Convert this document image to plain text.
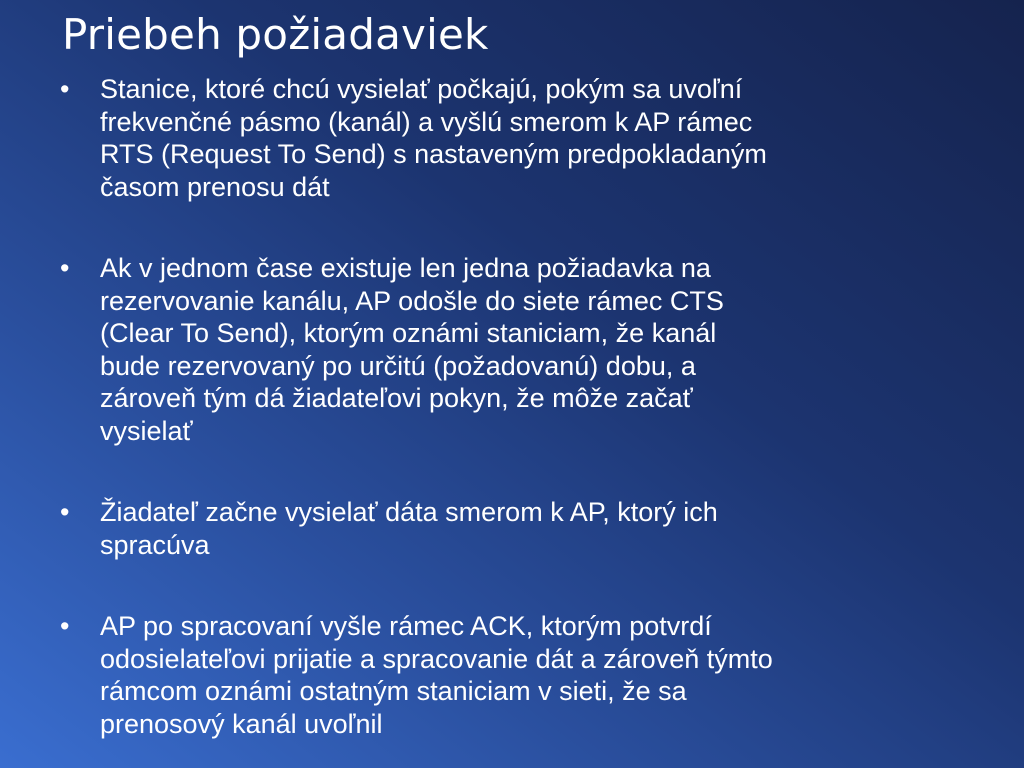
Priebeh požiadaviek
• Stanice, ktoré chcú vysielať počkajú, pokým sa uvoľní
frekvenčné pásmo (kanál) a vyšlú smerom k AP rámec
RTS (Request To Send) s nastaveným predpokladaným
časom prenosu dát
• Ak v jednom čase existuje len jedna požiadavka na
rezervovanie kanálu, AP odošle do siete rámec CTS
(Clear To Send), ktorým oznámi staniciam, že kanál
bude rezervovaný po určitú (požadovanú) dobu, a
zároveň tým dá žiadateľovi pokyn, že môže začať
vysielať
• Žiadateľ začne vysielať dáta smerom k AP, ktorý ich
spracúva
• AP po spracovaní vyšle rámec ACK, ktorým potvrdí
odosielateľovi prijatie a spracovanie dát a zároveň týmto
rámcom oznámi ostatným staniciam v sieti, že sa
prenosový kanál uvoľnil
